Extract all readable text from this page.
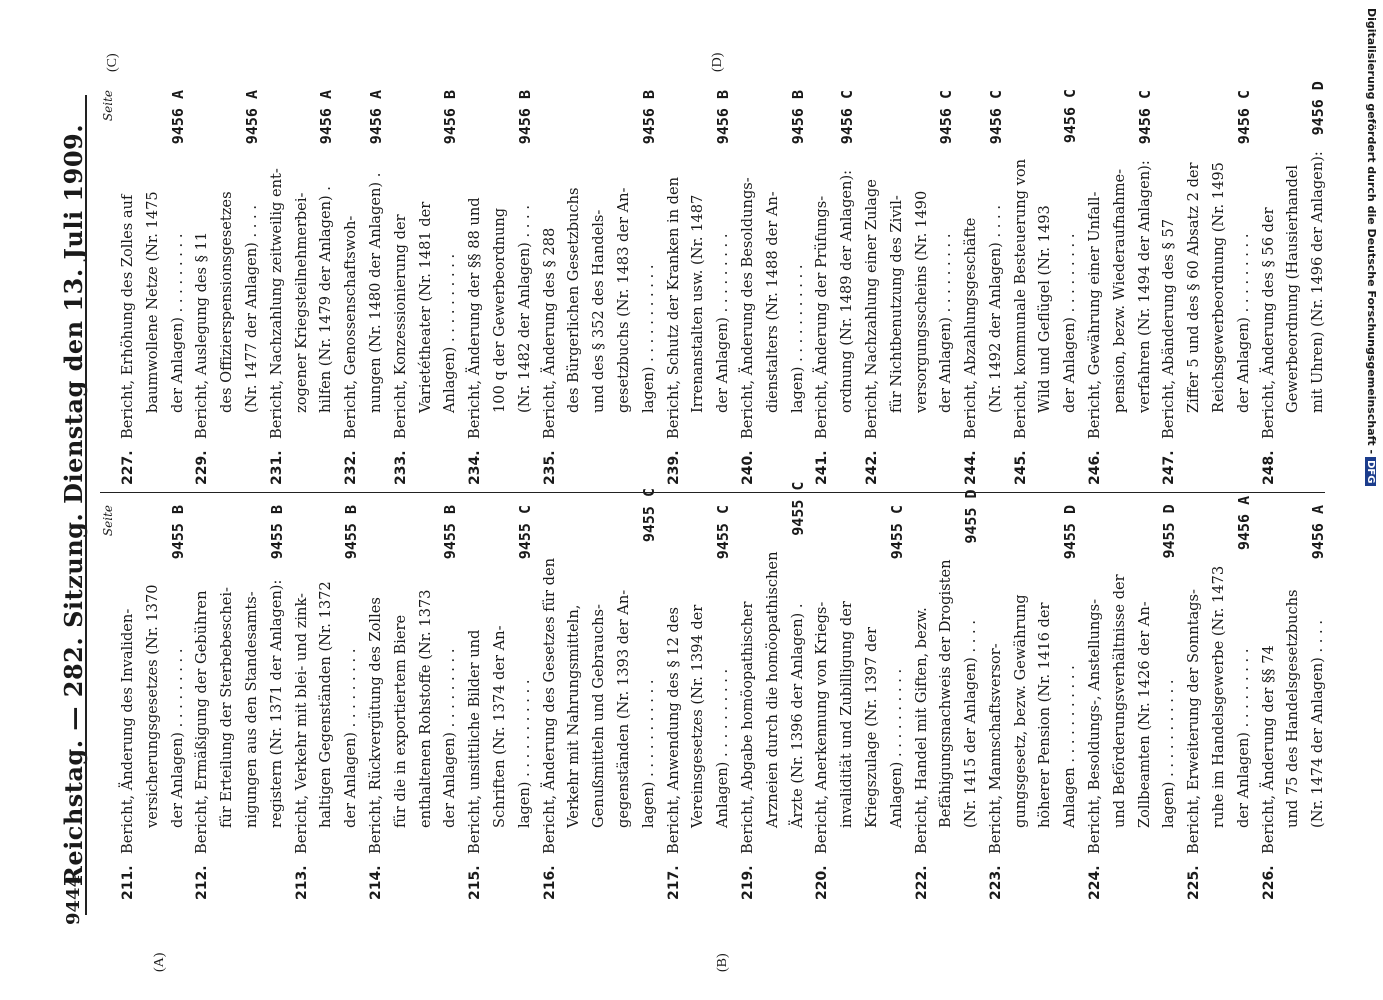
9444
Reichstag. — 282. Sitzung. Dienstag den 13. Juli 1909.
(A)	(B)
(C)	(D)
Seite
211.
Bericht, Änderung des Invaliden- versicherungsgesetzes (Nr. 1370 der Anlagen) . . . . . . . . .
9455 B
212.
Bericht, Ermäßigung der Gebühren für Erteilung der Sterbebeschei- nigungen aus den Standesamts- registern (Nr. 1371 der Anlagen):
9455 B
213.
Bericht, Verkehr mit blei- und zink- haltigen Gegenständen (Nr. 1372 der Anlagen) . . . . . . . . .
9455 B
214.
Bericht, Rückvergütung des Zolles für die in exportiertem Biere enthaltenen Rohstoffe (Nr. 1373 der Anlagen) . . . . . . . . .
9455 B
215.
Bericht, unsittliche Bilder und Schriften (Nr. 1374 der An- lagen) . . . . . . . . . . .
9455 C
216.
Bericht, Änderung des Gesetzes für den Verkehr mit Nahrungsmitteln, Genußmitteln und Gebrauchs- gegenständen (Nr. 1393 der An- lagen) . . . . . . . . . . .
9455 C
217.
Bericht, Anwendung des § 12 des Vereinsgesetzes (Nr. 1394 der Anlagen) . . . . . . . . . .
9455 C
219.
Bericht, Abgabe homöopathischer Arzneien durch die homöopathischen Ärzte (Nr. 1396 der Anlagen) .
9455 C
220.
Bericht, Anerkennung von Kriegs- invalidität und Zubilligung der Kriegszulage (Nr. 1397 der Anlagen) . . . . . . . . . .
9455 C
222.
Bericht, Handel mit Giften, bezw. Befähigungsnachweis der Drogisten (Nr. 1415 der Anlagen) . . . .
9455 D
223.
Bericht, Mannschaftsversor- gungsgesetz, bezw. Gewährung höherer Pension (Nr. 1416 der Anlagen . . . . . . . . . . .
9455 D
224.
Bericht, Besoldungs-, Anstellungs- und Beförderungsverhältnisse der Zollbeamten (Nr. 1426 der An- lagen) . . . . . . . . . . .
9455 D
225.
Bericht, Erweiterung der Sonntags- ruhe im Handelsgewerbe (Nr. 1473 der Anlagen) . . . . . . . . .
9456 A
226.
Bericht, Änderung der §§ 74 und 75 des Handelsgesetzbuchs (Nr. 1474 der Anlagen) . . . .
9456 A
Seite
227.
Bericht, Erhöhung des Zolles auf baumwollene Netze (Nr. 1475 der Anlagen) . . . . . . . . .
9456 A
229.
Bericht, Auslegung des § 11 des Offizierspensionsgesetzes (Nr. 1477 der Anlagen) . . . .
9456 A
231.
Bericht, Nachzahlung zeitweilig ent- zogener Kriegsteilnehmerbei- hilfen (Nr. 1479 der Anlagen) .
9456 A
232.
Bericht, Genossenschaftswoh- nungen (Nr. 1480 der Anlagen) .
9456 A
233.
Bericht, Konzessionierung der Varietétheater (Nr. 1481 der Anlagen) . . . . . . . . . .
9456 B
234.
Bericht, Änderung der §§ 88 und 100 q der Gewerbeordnung (Nr. 1482 der Anlagen) . . . .
9456 B
235.
Bericht, Änderung des § 288 des Bürgerlichen Gesetzbuchs und des § 352 des Handels- gesetzbuchs (Nr. 1483 der An- lagen) . . . . . . . . . . .
9456 B
239.
Bericht, Schutz der Kranken in den Irrenanstalten usw. (Nr. 1487 der Anlagen) . . . . . . . . .
9456 B
240.
Bericht, Änderung des Besoldungs- dienstalters (Nr. 1488 der An- lagen) . . . . . . . . . . .
9456 B
241.
Bericht, Änderung der Prüfungs- ordnung (Nr. 1489 der Anlagen):
9456 C
242.
Bericht, Nachzahlung einer Zulage für Nichtbenutzung des Zivil- versorgungsscheins (Nr. 1490 der Anlagen) . . . . . . . . .
9456 C
244.
Bericht, Abzahlungsgeschäfte (Nr. 1492 der Anlagen) . . . .
9456 C
245.
Bericht, kommunale Besteuerung von Wild und Geflügel (Nr. 1493 der Anlagen) . . . . . . . . .
9456 C
246.
Bericht, Gewährung einer Unfall- pension, bezw. Wiederaufnahme- verfahren (Nr. 1494 der Anlagen):
9456 C
247.
Bericht, Abänderung des § 57 Ziffer 5 und des § 60 Absatz 2 der Reichsgewerbeordnung (Nr. 1495 der Anlagen) . . . . . . . . .
9456 C
248.
Bericht, Änderung des § 56 der Gewerbeordnung (Hausierhandel mit Uhren) (Nr. 1496 der Anlagen):
9456 D	Digitalisierung gefördert durch die Deutsche Forschungsgemeinschaft -DFG
